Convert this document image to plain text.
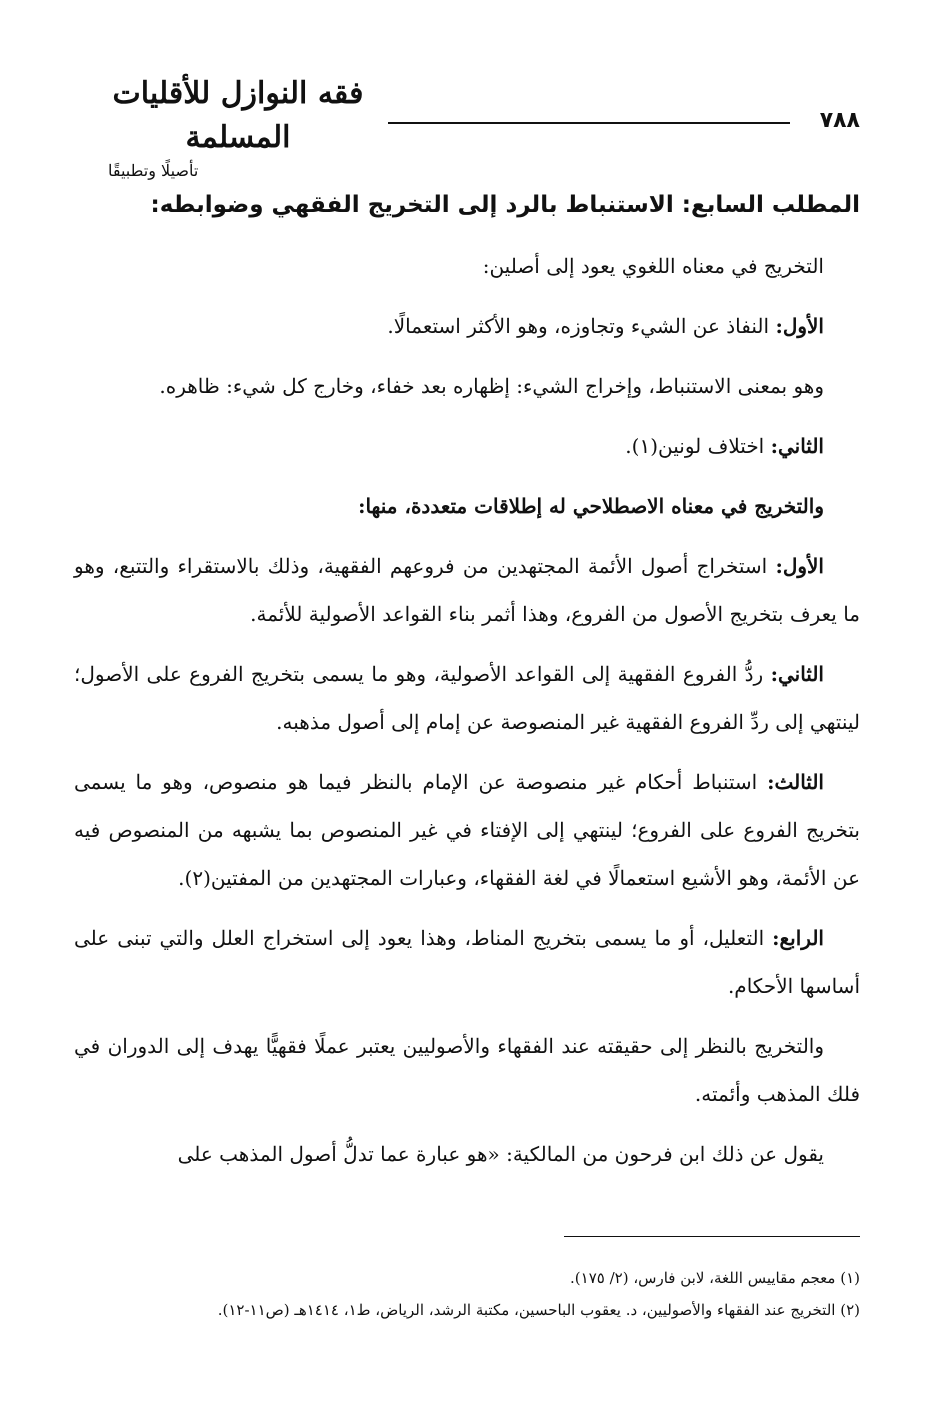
٧٨٨
فقه النوازل للأقليات المسلمة
تأصيلًا وتطبيقًا
المطلب السابع: الاستنباط بالرد إلى التخريج الفقهي وضوابطه:

التخريج في معناه اللغوي يعود إلى أصلين:

الأول: النفاذ عن الشيء وتجاوزه، وهو الأكثر استعمالًا.

وهو بمعنى الاستنباط، وإخراج الشيء: إظهاره بعد خفاء، وخارج كل شيء: ظاهره.

الثاني: اختلاف لونين(١).

والتخريج في معناه الاصطلاحي له إطلاقات متعددة، منها:

الأول: استخراج أصول الأئمة المجتهدين من فروعهم الفقهية، وذلك بالاستقراء والتتبع، وهو ما يعرف بتخريج الأصول من الفروع، وهذا أثمر بناء القواعد الأصولية للأئمة.

الثاني: ردُّ الفروع الفقهية إلى القواعد الأصولية، وهو ما يسمى بتخريج الفروع على الأصول؛ لينتهي إلى ردِّ الفروع الفقهية غير المنصوصة عن إمام إلى أصول مذهبه.

الثالث: استنباط أحكام غير منصوصة عن الإمام بالنظر فيما هو منصوص، وهو ما يسمى بتخريج الفروع على الفروع؛ لينتهي إلى الإفتاء في غير المنصوص بما يشبهه من المنصوص فيه عن الأئمة، وهو الأشيع استعمالًا في لغة الفقهاء، وعبارات المجتهدين من المفتين(٢).

الرابع: التعليل، أو ما يسمى بتخريج المناط، وهذا يعود إلى استخراج العلل والتي تبنى على أساسها الأحكام.

والتخريج بالنظر إلى حقيقته عند الفقهاء والأصوليين يعتبر عملًا فقهيًّا يهدف إلى الدوران في فلك المذهب وأئمته.

يقول عن ذلك ابن فرحون من المالكية: «هو عبارة عما تدلُّ أصول المذهب على

(١) معجم مقاييس اللغة، لابن فارس، (٢/ ١٧٥).

(٢) التخريج عند الفقهاء والأصوليين، د. يعقوب الباحسين، مكتبة الرشد، الرياض، ط١، ١٤١٤هـ (ص١١-١٢).
